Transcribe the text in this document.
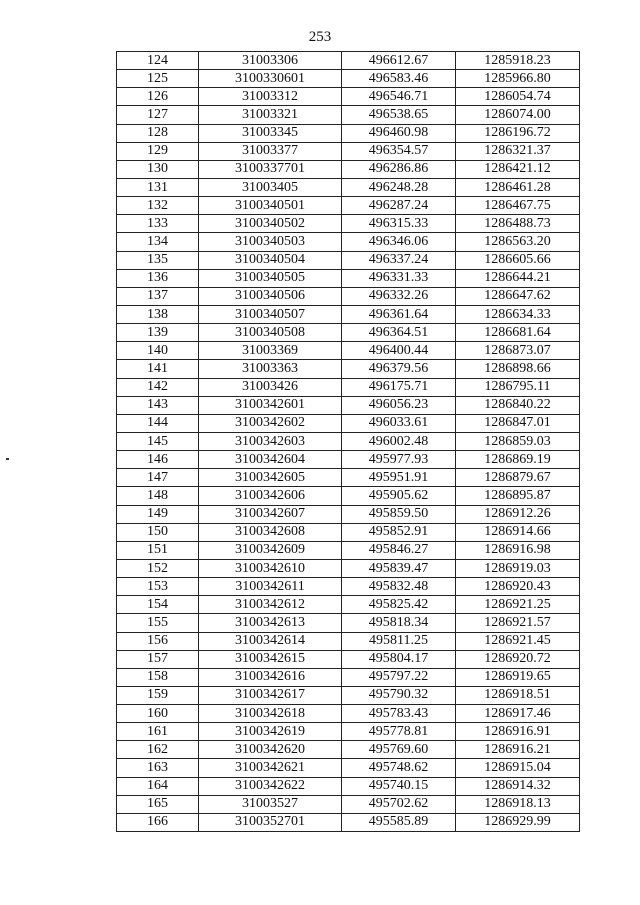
253
124	31003306	496612.67	1285918.23
125	3100330601	496583.46	1285966.80
126	31003312	496546.71	1286054.74
127	31003321	496538.65	1286074.00
128	31003345	496460.98	1286196.72
129	31003377	496354.57	1286321.37
130	3100337701	496286.86	1286421.12
131	31003405	496248.28	1286461.28
132	3100340501	496287.24	1286467.75
133	3100340502	496315.33	1286488.73
134	3100340503	496346.06	1286563.20
135	3100340504	496337.24	1286605.66
136	3100340505	496331.33	1286644.21
137	3100340506	496332.26	1286647.62
138	3100340507	496361.64	1286634.33
139	3100340508	496364.51	1286681.64
140	31003369	496400.44	1286873.07
141	31003363	496379.56	1286898.66
142	31003426	496175.71	1286795.11
143	3100342601	496056.23	1286840.22
144	3100342602	496033.61	1286847.01
145	3100342603	496002.48	1286859.03
146	3100342604	495977.93	1286869.19
147	3100342605	495951.91	1286879.67
148	3100342606	495905.62	1286895.87
149	3100342607	495859.50	1286912.26
150	3100342608	495852.91	1286914.66
151	3100342609	495846.27	1286916.98
152	3100342610	495839.47	1286919.03
153	3100342611	495832.48	1286920.43
154	3100342612	495825.42	1286921.25
155	3100342613	495818.34	1286921.57
156	3100342614	495811.25	1286921.45
157	3100342615	495804.17	1286920.72
158	3100342616	495797.22	1286919.65
159	3100342617	495790.32	1286918.51
160	3100342618	495783.43	1286917.46
161	3100342619	495778.81	1286916.91
162	3100342620	495769.60	1286916.21
163	3100342621	495748.62	1286915.04
164	3100342622	495740.15	1286914.32
165	31003527	495702.62	1286918.13
166	3100352701	495585.89	1286929.99
